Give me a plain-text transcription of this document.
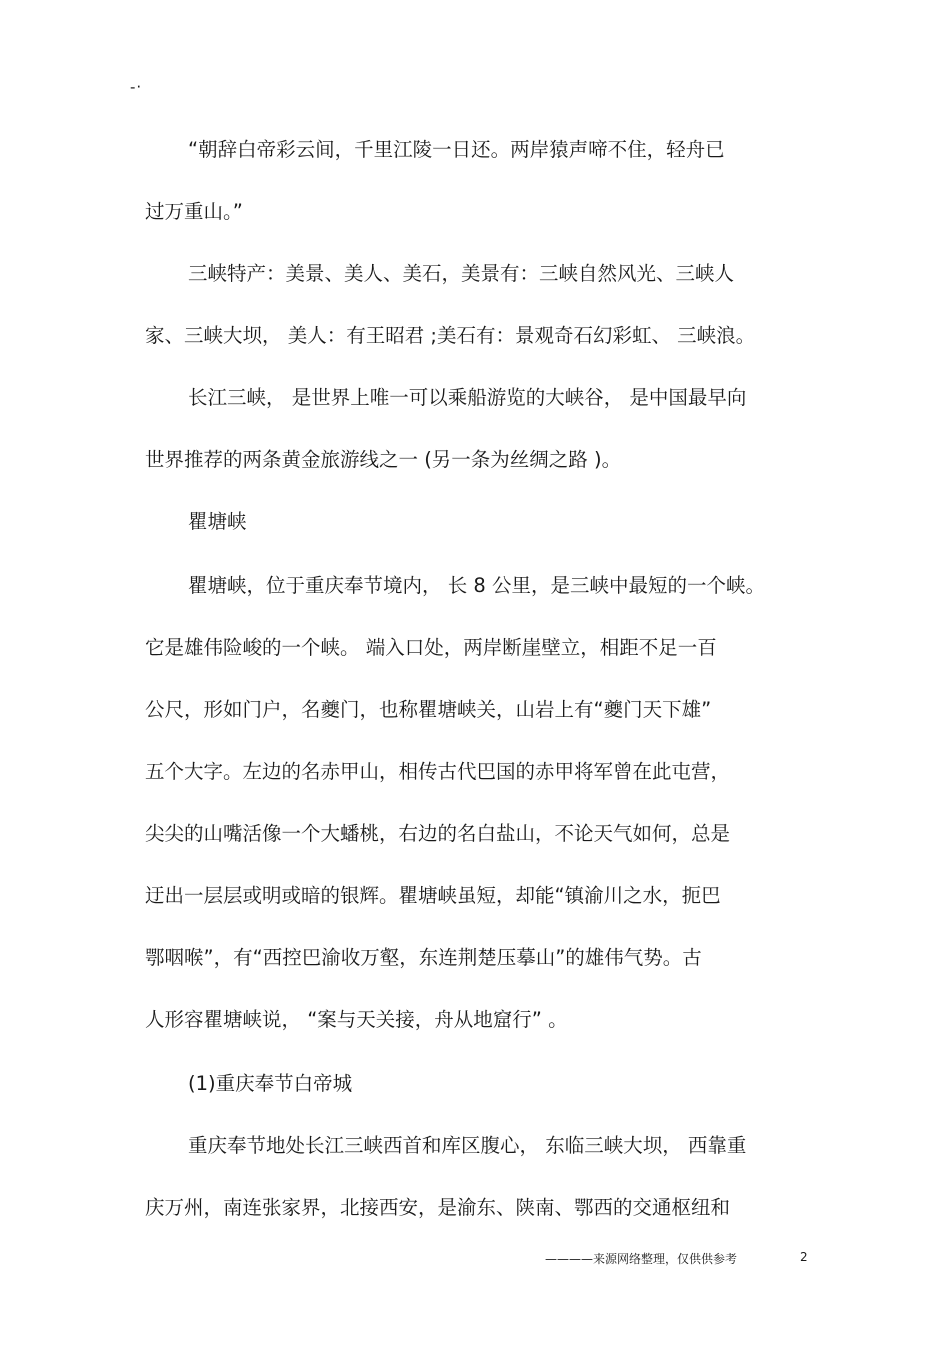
-·
“朝辞白帝彩云间，千里江陵一日还。两岸猿声啼不住，轻舟已
过万重山。”
三峡特产：美景、美人、美石，美景有：三峡自然风光、三峡人
家、三峡大坝， 美人：有王昭君 ;美石有：景观奇石幻彩虹、 三峡浪。
长江三峡， 是世界上唯一可以乘船游览的大峡谷， 是中国最早向
世界推荐的两条黄金旅游线之一 (另一条为丝绸之路 )。
瞿塘峡
瞿塘峡，位于重庆奉节境内， 长 8 公里，是三峡中最短的一个峡。
它是雄伟险峻的一个峡。 端入口处，两岸断崖壁立，相距不足一百
公尺，形如门户，名夔门，也称瞿塘峡关，山岩上有“夔门天下雄”
五个大字。左边的名赤甲山，相传古代巴国的赤甲将军曾在此屯营，
尖尖的山嘴活像一个大蟠桃，右边的名白盐山，不论天气如何，总是
迂出一层层或明或暗的银辉。瞿塘峡虽短，却能“镇渝川之水，扼巴
鄂咽喉”，有“西控巴渝收万壑，东连荆楚压摹山”的雄伟气势。古
人形容瞿塘峡说， “案与天关接，舟从地窟行” 。
(1)重庆奉节白帝城
重庆奉节地处长江三峡西首和库区腹心， 东临三峡大坝， 西靠重
庆万州，南连张家界，北接西安，是渝东、陕南、鄂西的交通枢纽和
————来源网络整理，仅供供参考	2
